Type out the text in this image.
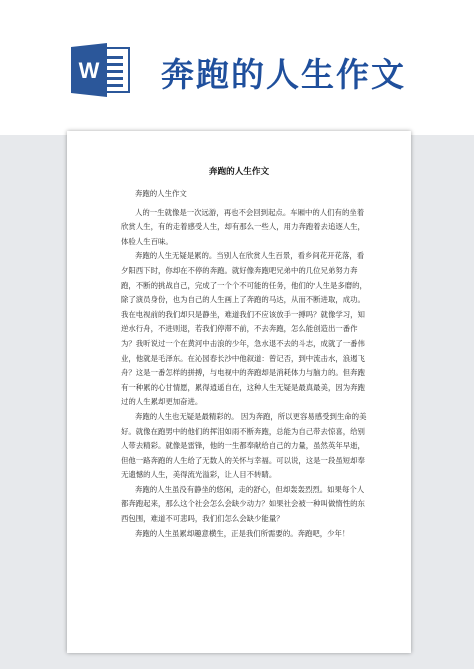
W 奔跑的人生作文
奔跑的人生作文

奔跑的人生作文

人的一生就像是一次远游，再也不会回到起点。车厢中的人们有的坐着欣赏人生，有的走着感受人生，却有那么一些人，用力奔跑着去追逐人生，体验人生百味。

奔跑的人生无疑是累的。当别人在欣赏人生百景，看乡间花开花落，看夕阳西下时，你却在不停的奔跑。就好像奔跑吧兄弟中的几位兄弟努力奔跑，不断的挑战自己，完成了一个个不可能的任务，他们的'人生是多磨的，除了演员身份，也为自己的人生画上了奔跑的马达，从而不断进取，成功。我在电视前的我们却只是静坐，难道我们不应该放手一搏吗？就像学习，知逆水行舟，不进则退，若我们停滞不前，不去奔跑，怎么能创造出一番作为？我听说过一个在黄河中击浪的少年，急水退不去的斗志，成就了一番伟业，他就是毛泽东。在沁园春长沙中他叙道：曾记否，到中流击水，浪遏飞舟？这是一番怎样的拼搏，与电视中的奔跑却是消耗体力与脑力的。但奔跑有一种累的心甘情愿，累得逍遥自在，这种人生无疑是最真最美，因为奔跑过的人生累却更加奋进。

奔跑的人生也无疑是最精彩的。 因为奔跑，所以更容易感受到生命的美好。就像在跑男中的他们的挥泪如雨不断奔跑，总能为自己带去惊喜，给别人带去精彩。就像是雷锋，他的一生都奉献给自己的力量，虽然英年早逝，但他一路奔跑的人生给了无数人的关怀与幸福。可以说，这是一段虽短却奉无遗憾的人生，美得流光溢彩，让人目不转睛。

奔跑的人生虽没有静坐的悠闲，走的舒心，但却轰轰烈烈。如果每个人都奔跑起来，那么这个社会怎么会缺少动力？如果社会被一种叫做惰性的东西包围，难道不可悲吗，我们们怎么会缺少能量？

奔跑的人生虽累却趣意横生，正是我们所需要的。奔跑吧，少年！
